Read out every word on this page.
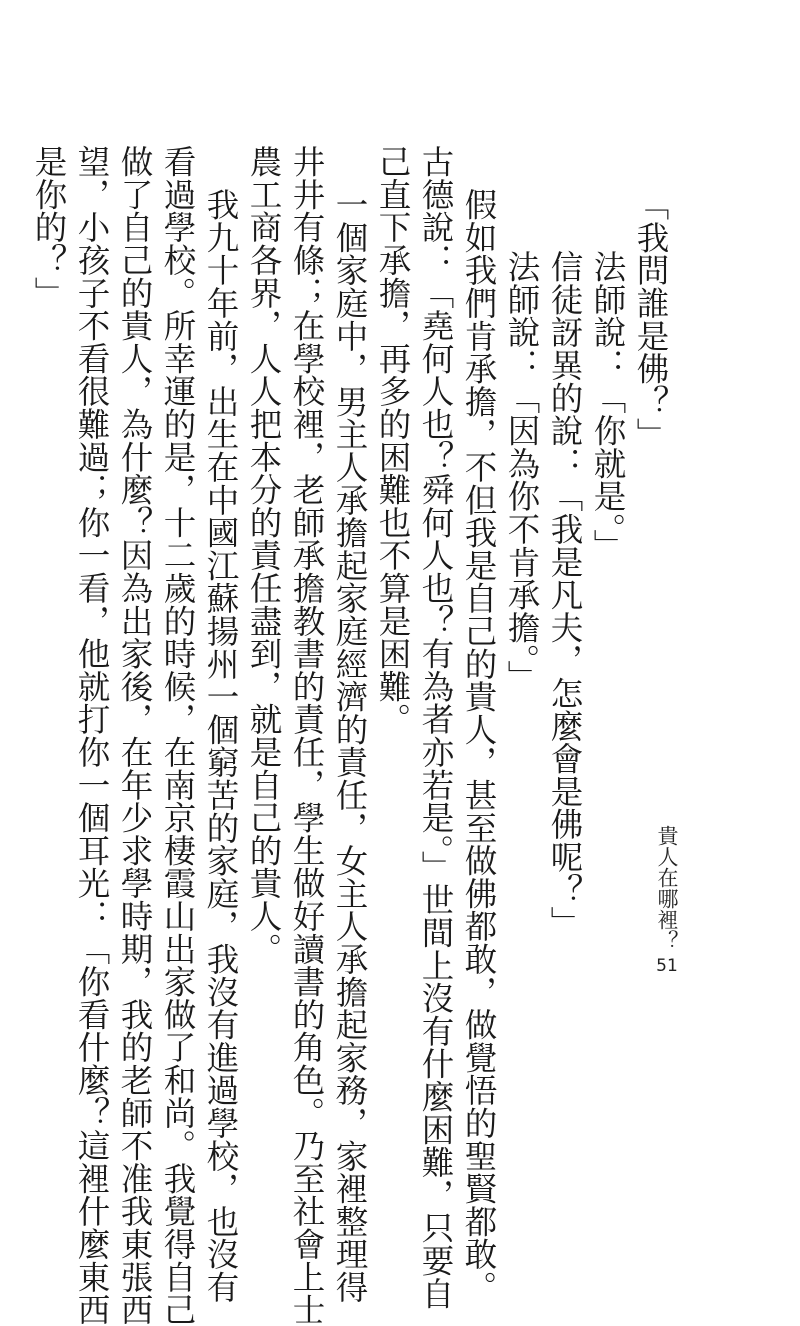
「我問誰是佛？」
法師說：「你就是。」
信徒訝異的說：「我是凡夫，怎麼會是佛呢？」
法師說：「因為你不肯承擔。」
假如我們肯承擔，不但我是自己的貴人，甚至做佛都敢，做覺悟的聖賢都敢。
古德說：「堯何人也？舜何人也？有為者亦若是。」世間上沒有什麼困難，只要自
己直下承擔，再多的困難也不算是困難。
一個家庭中，男主人承擔起家庭經濟的責任，女主人承擔起家務，家裡整理得
井井有條；在學校裡，老師承擔教書的責任，學生做好讀書的角色。乃至社會上士
農工商各界，人人把本分的責任盡到，就是自己的貴人。
我九十年前，出生在中國江蘇揚州一個窮苦的家庭，我沒有進過學校，也沒有
看過學校。所幸運的是，十二歲的時候，在南京棲霞山出家做了和尚。我覺得自己
做了自己的貴人，為什麼？因為出家後，在年少求學時期，我的老師不准我東張西
望，小孩子不看很難過；你一看，他就打你一個耳光：「你看什麼？這裡什麼東西
是你的？」
貴人在哪裡？
51
